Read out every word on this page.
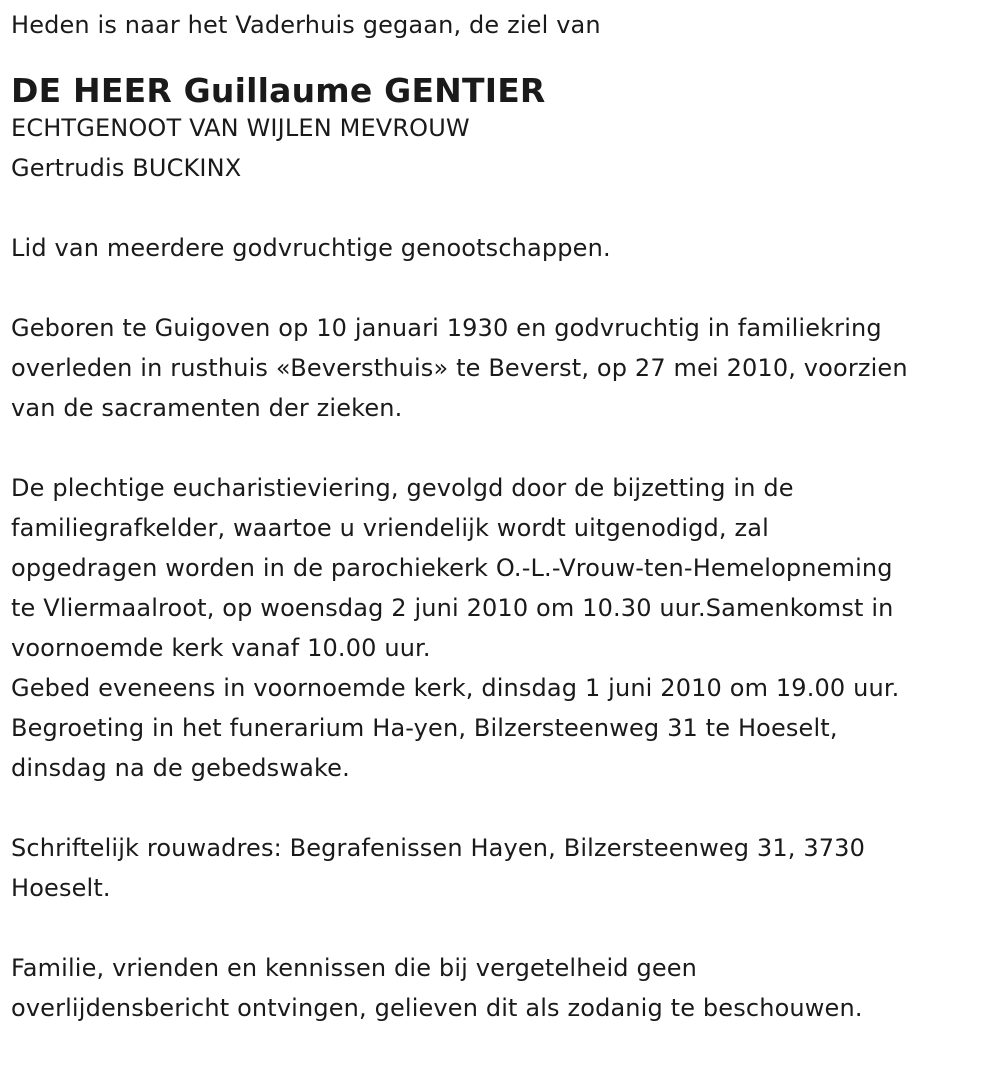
Heden is naar het Vaderhuis gegaan, de ziel van
DE HEER Guillaume GENTIER
ECHTGENOOT VAN WIJLEN MEVROUW
Gertrudis BUCKINX
Lid van meerdere godvruchtige genootschappen.
Geboren te Guigoven op 10 januari 1930 en godvruchtig in familiekring
overleden in rusthuis «Beversthuis» te Beverst, op 27 mei 2010, voorzien
van de sacramenten der zieken.
De plechtige eucharistieviering, gevolgd door de bijzetting in de
familiegrafkelder, waartoe u vriendelijk wordt uitgenodigd, zal
opgedragen worden in de parochiekerk O.-L.-Vrouw-ten-Hemelopneming
te Vliermaalroot, op woensdag 2 juni 2010 om 10.30 uur.Samenkomst in
voornoemde kerk vanaf 10.00 uur.
Gebed eveneens in voornoemde kerk, dinsdag 1 juni 2010 om 19.00 uur.
Begroeting in het funerarium Ha-yen, Bilzersteenweg 31 te Hoeselt,
dinsdag na de gebedswake.
Schriftelijk rouwadres: Begrafenissen Hayen, Bilzersteenweg 31, 3730
Hoeselt.
Familie, vrienden en kennissen die bij vergetelheid geen
overlijdensbericht ontvingen, gelieven dit als zodanig te beschouwen.
